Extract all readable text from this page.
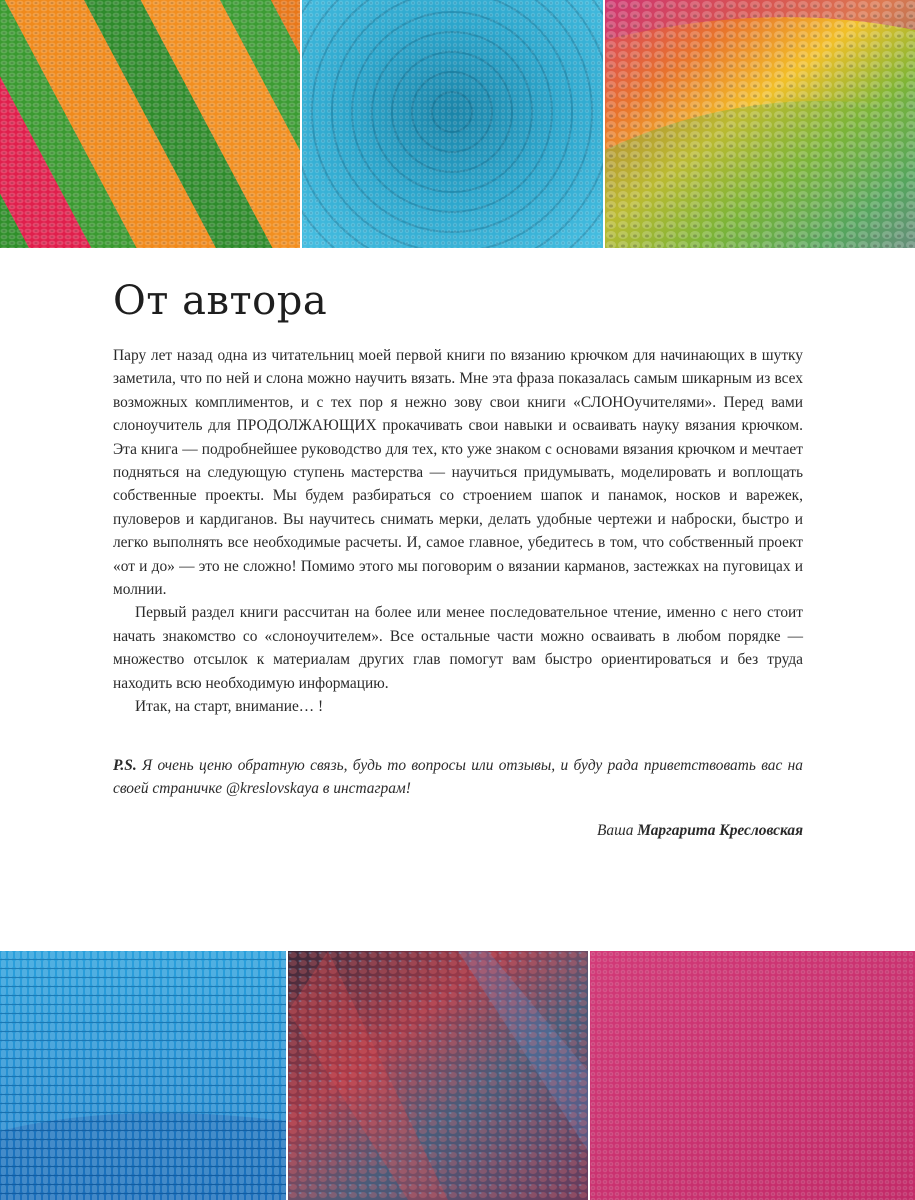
От автора

Пару лет назад одна из читательниц моей первой книги по вязанию крючком для начинающих в шутку заметила, что по ней и слона можно научить вязать. Мне эта фраза показалась самым шикарным из всех возможных комплиментов, и с тех пор я нежно зову свои книги «СЛОНОучителями». Перед вами слоноучитель для ПРОДОЛЖАЮЩИХ прокачивать свои навыки и осваивать науку вязания крючком. Эта книга — подробнейшее руководство для тех, кто уже знаком с основами вязания крючком и мечтает подняться на следующую ступень мастерства — научиться придумывать, моделировать и воплощать собственные проекты. Мы будем разбираться со строением шапок и панамок, носков и варежек, пуловеров и кардиганов. Вы научитесь снимать мерки, делать удобные чертежи и наброски, быстро и легко выполнять все необходимые расчеты. И, самое главное, убедитесь в том, что собственный проект «от и до» — это не сложно! Помимо этого мы поговорим о вязании карманов, застежках на пуговицах и молнии.

Первый раздел книги рассчитан на более или менее последовательное чтение, именно с него стоит начать знакомство со «слоноучителем». Все остальные части можно осваивать в любом порядке — множество отсылок к материалам других глав помогут вам быстро ориентироваться и без труда находить всю необходимую информацию.

Итак, на старт, внимание… !

P.S. Я очень ценю обратную связь, будь то вопросы или отзывы, и буду рада приветствовать вас на своей страничке @kreslovskaya в инстаграм!
Ваша Маргарита Кресловская
